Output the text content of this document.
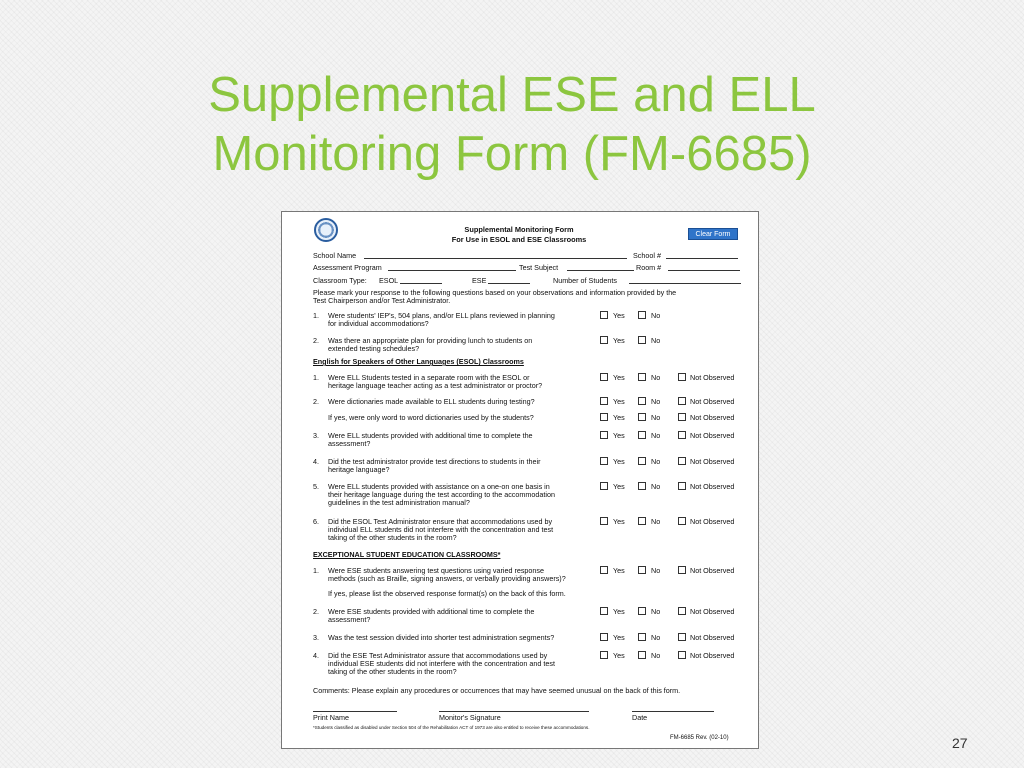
Supplemental ESE and ELL
Monitoring Form (FM-6685)
Supplemental Monitoring Form
For Use in ESOL and ESE Classrooms
Clear Form
School Name	School #
Assessment Program	Test Subject	Room #
Classroom Type: ESOL	ESE	Number of Students
Please mark your response to the following questions based on your observations and information provided by the
Test Chairperson and/or Test Administrator.
1. Were students' IEP's, 504 plans, and/or ELL plans reviewed in planning
for individual accommodations?
Yes	No
2. Was there an appropriate plan for providing lunch to students on
extended testing schedules?
Yes	No
English for Speakers of Other Languages (ESOL) Classrooms
1. Were ELL Students tested in a separate room with the ESOL or
heritage language teacher acting as a test administrator or proctor?
Yes	No	Not Observed
2. Were dictionaries made available to ELL students during testing?	Yes	No	Not Observed
If yes, were only word to word dictionaries used by the students?	Yes	No	Not Observed
3. Were ELL students provided with additional time to complete the
assessment?
Yes	No	Not Observed
4. Did the test administrator provide test directions to students in their
heritage language?
Yes	No	Not Observed
5. Were ELL students provided with assistance on a one-on one basis in
their heritage language during the test according to the accommodation
guidelines in the test administration manual?
Yes	No	Not Observed
6. Did the ESOL Test Administrator ensure that accommodations used by
individual ELL students did not interfere with the concentration and test
taking of the other students in the room?
Yes	No	Not Observed
EXCEPTIONAL STUDENT EDUCATION CLASSROOMS*
1. Were ESE students answering test questions using varied response
methods (such as Braille, signing answers, or verbally providing answers)?
Yes	No	Not Observed
If yes, please list the observed response format(s) on the back of this form.
2. Were ESE students provided with additional time to complete the
assessment?
Yes	No	Not Observed
3. Was the test session divided into shorter test administration segments?	Yes	No	Not Observed
4. Did the ESE Test Administrator assure that accommodations used by
individual ESE students did not interfere with the concentration and test
taking of the other students in the room?
Yes	No	Not Observed
Comments: Please explain any procedures or occurrences that may have seemed unusual on the back of this form.
Print Name	Monitor's Signature	Date
*Students classified as disabled under Section 504 of the Rehabilitation ACT of 1973 are also entitled to receive these accommodations.
FM-6685 Rev. (02-10)	27
